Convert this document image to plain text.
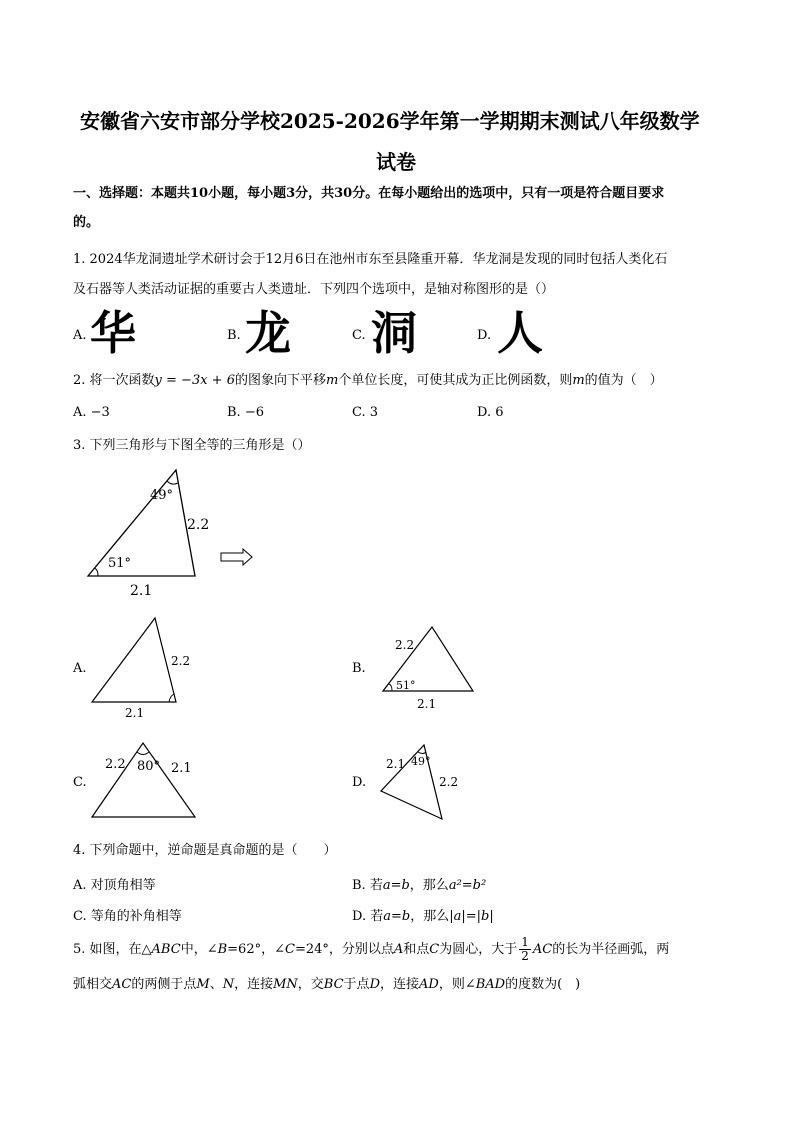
安徽省六安市部分学校2025-2026学年第一学期期末测试八年级数学
试卷
一、选择题：本题共10小题，每小题3分，共30分。在每小题给出的选项中，只有一项是符合题目要求
的。
1. 2024华龙洞遗址学术研讨会于12月6日在池州市东至县隆重开幕．华龙洞是发现的同时包括人类化石
及石器等人类活动证据的重要古人类遗址．下列四个选项中，是轴对称图形的是（）
A. 华	B. 龙	C. 洞	D. 人
2. 将一次函数y = −3x + 6的图象向下平移m个单位长度，可使其成为正比例函数，则m的值为（　）
A. −3	B. −6	C. 3	D. 6
3. 下列三角形与下图全等的三角形是（）
49°
51°
2.2
2.1
A.	2.2
2.1
B.
2.2
51°
2.1
C.
2.2 80° 2.1
D.
2.1 49°
2.2
4. 下列命题中，逆命题是真命题的是（　　）
A. 对顶角相等	B. 若a=b，那么a²=b²
C. 等角的补角相等	D. 若a=b，那么|a|=|b|
5. 如图，在△ABC中，∠B=62°，∠C=24°，分别以点A和点C为圆心，大于 $\frac{1}{2}$ AC的长为半径画弧，两
弧相交AC的两侧于点M、N，连接MN，交BC于点D，连接AD，则∠BAD的度数为(　)
